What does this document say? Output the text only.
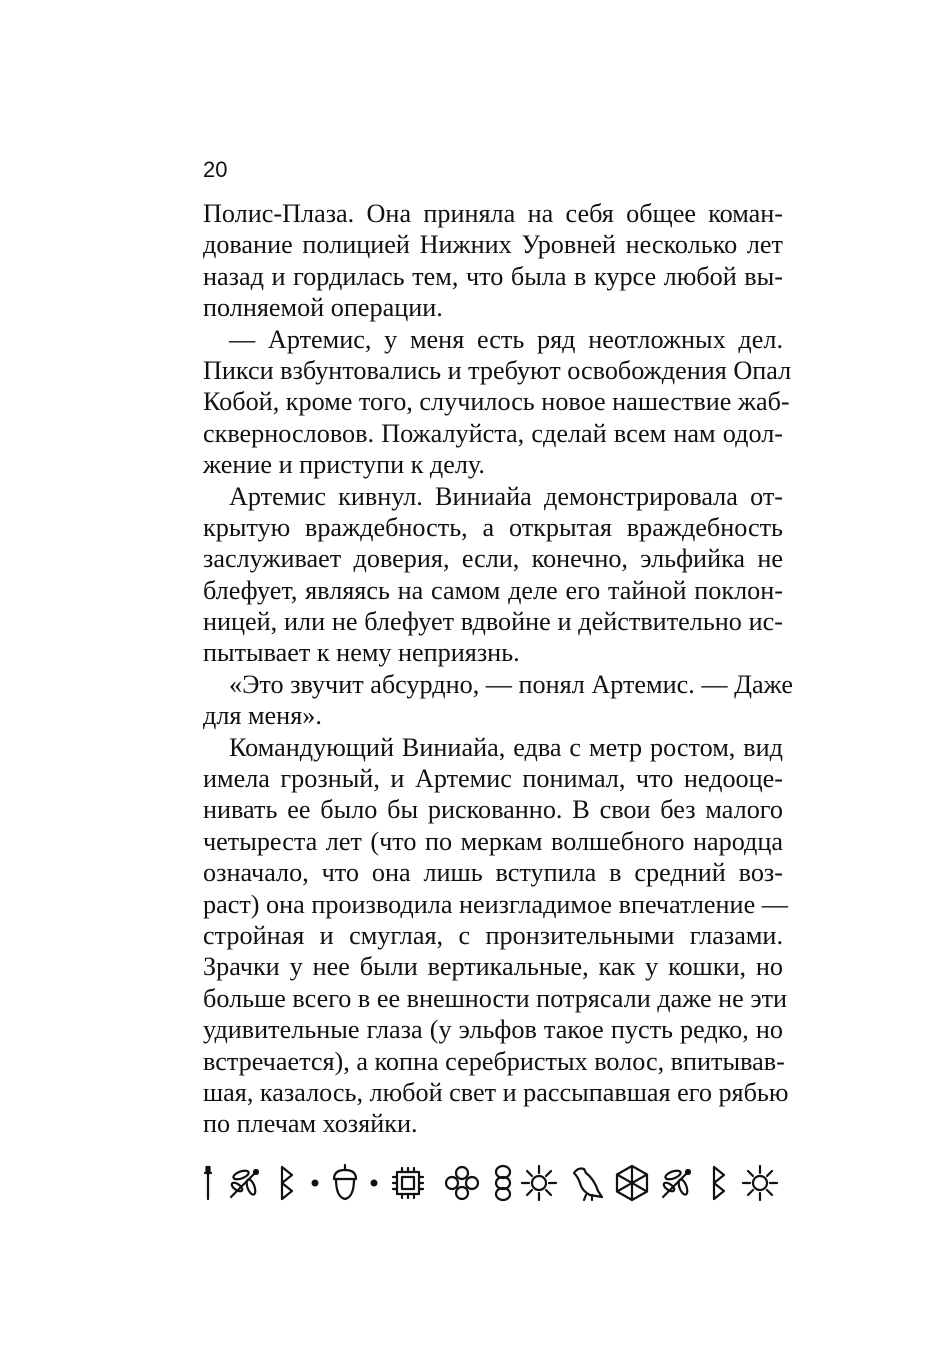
20
Полис-Плаза. Она приняла на себя общее коман-
дование полицией Нижних Уровней несколько лет
назад и гордилась тем, что была в курсе любой вы-
полняемой операции.
— Артемис, у меня есть ряд неотложных дел.
Пикси взбунтовались и требуют освобождения Опал
Кобой, кроме того, случилось новое нашествие жаб-
сквернословов. Пожалуйста, сделай всем нам одол-
жение и приступи к делу.
Артемис кивнул. Виниайа демонстрировала от-
крытую враждебность, а открытая враждебность
заслуживает доверия, если, конечно, эльфийка не
блефует, являясь на самом деле его тайной поклон-
ницей, или не блефует вдвойне и действительно ис-
пытывает к нему неприязнь.
«Это звучит абсурдно, — понял Артемис. — Даже
для меня».
Командующий Виниайа, едва с метр ростом, вид
имела грозный, и Артемис понимал, что недооце-
нивать ее было бы рискованно. В свои без малого
четыреста лет (что по меркам волшебного народца
означало, что она лишь вступила в средний воз-
раст) она производила неизгладимое впечатление —
стройная и смуглая, с пронзительными глазами.
Зрачки у нее были вертикальные, как у кошки, но
больше всего в ее внешности потрясали даже не эти
удивительные глаза (у эльфов такое пусть редко, но
встречается), а копна серебристых волос, впитывав-
шая, казалось, любой свет и рассыпавшая его рябью
по плечам хозяйки.
